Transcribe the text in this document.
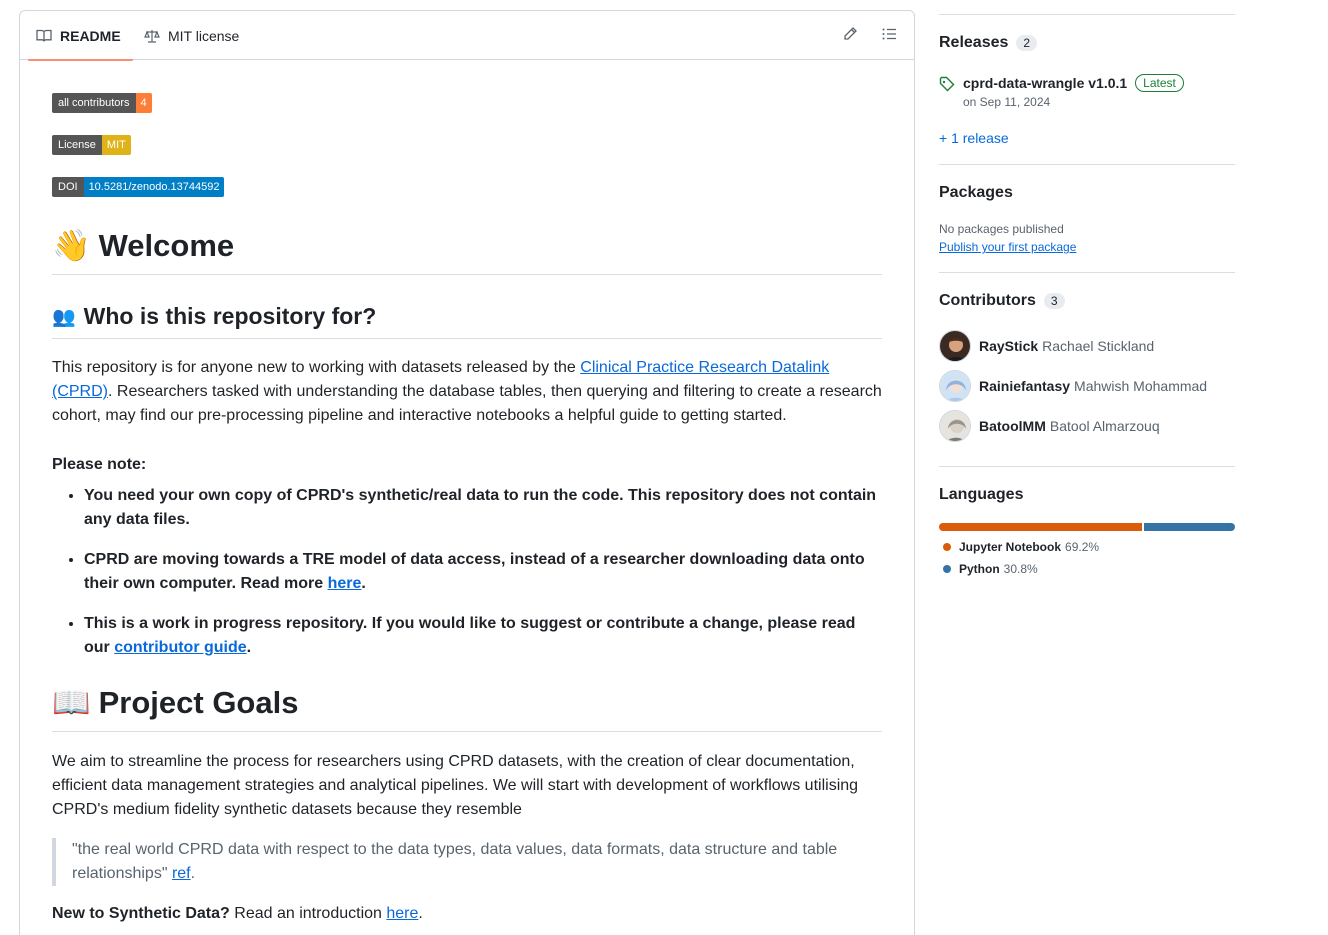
README	MIT license
all contributors	4
License	MIT
DOI	10.5281/zenodo.13744592
👋 Welcome
👥 Who is this repository for?
This repository is for anyone new to working with datasets released by the Clinical Practice Research Datalink (CPRD). Researchers tasked with understanding the database tables, then querying and filtering to create a research cohort, may find our pre-processing pipeline and interactive notebooks a helpful guide to getting started.
Please note:
• You need your own copy of CPRD's synthetic/real data to run the code. This repository does not contain any data files.
• CPRD are moving towards a TRE model of data access, instead of a researcher downloading data onto their own computer. Read more here.
• This is a work in progress repository. If you would like to suggest or contribute a change, please read our contributor guide.
📖 Project Goals
We aim to streamline the process for researchers using CPRD datasets, with the creation of clear documentation, efficient data management strategies and analytical pipelines. We will start with development of workflows utilising CPRD's medium fidelity synthetic datasets because they resemble
"the real world CPRD data with respect to the data types, data values, data formats, data structure and table relationships" ref.
New to Synthetic Data? Read an introduction here.
Releases	2
cprd-data-wrangle v1.0.1	Latest
on Sep 11, 2024
+ 1 release
Packages
No packages published
Publish your first package
Contributors	3
RayStick Rachael Stickland
Rainiefantasy Mahwish Mohammad
BatoolMM Batool Almarzouq
Languages
Jupyter Notebook 69.2%
Python 30.8%
